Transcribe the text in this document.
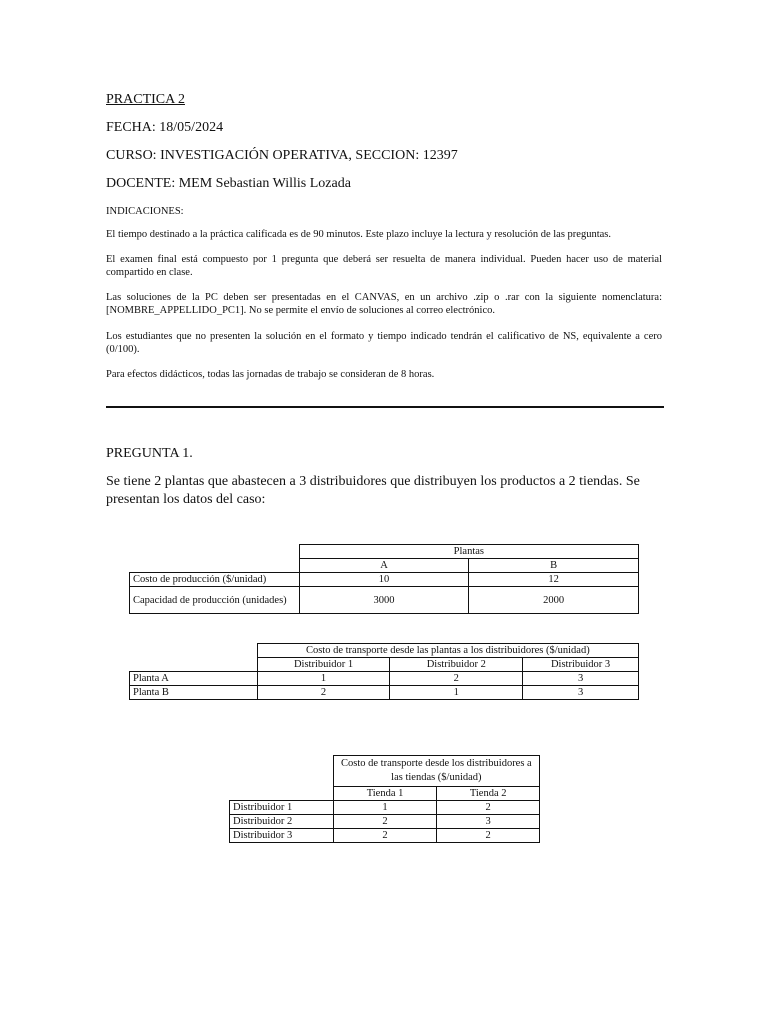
PRACTICA 2
FECHA: 18/05/2024
CURSO: INVESTIGACIÓN OPERATIVA, SECCION: 12397
DOCENTE: MEM Sebastian Willis Lozada
INDICACIONES:
El tiempo destinado a la práctica calificada es de 90 minutos. Este plazo incluye la lectura y resolución de las preguntas.
El examen final está compuesto por 1 pregunta que deberá ser resuelta de manera individual. Pueden hacer uso de material compartido en clase.
Las soluciones de la PC deben ser presentadas en el CANVAS, en un archivo .zip o .rar con la siguiente nomenclatura: [NOMBRE_APPELLIDO_PC1]. No se permite el envío de soluciones al correo electrónico.
Los estudiantes que no presenten la solución en el formato y tiempo indicado tendrán el calificativo de NS, equivalente a cero (0/100).
Para efectos didácticos, todas las jornadas de trabajo se consideran de 8 horas.
PREGUNTA 1.
Se tiene 2 plantas que abastecen a 3 distribuidores que distribuyen los productos a 2 tiendas. Se presentan los datos del caso:
	Plantas	
	A	B
Costo de producción ($/unidad)	10	12
Capacidad de producción (unidades)	3000	2000
	Costo de transporte desde las plantas a los distribuidores ($/unidad)		
	Distribuidor 1	Distribuidor 2	Distribuidor 3
Planta A	1	2	3
Planta B	2	1	3
	Costo de transporte desde los distribuidores a las tiendas ($/unidad)	
	Tienda 1	Tienda 2
Distribuidor 1	1	2
Distribuidor 2	2	3
Distribuidor 3	2	2
